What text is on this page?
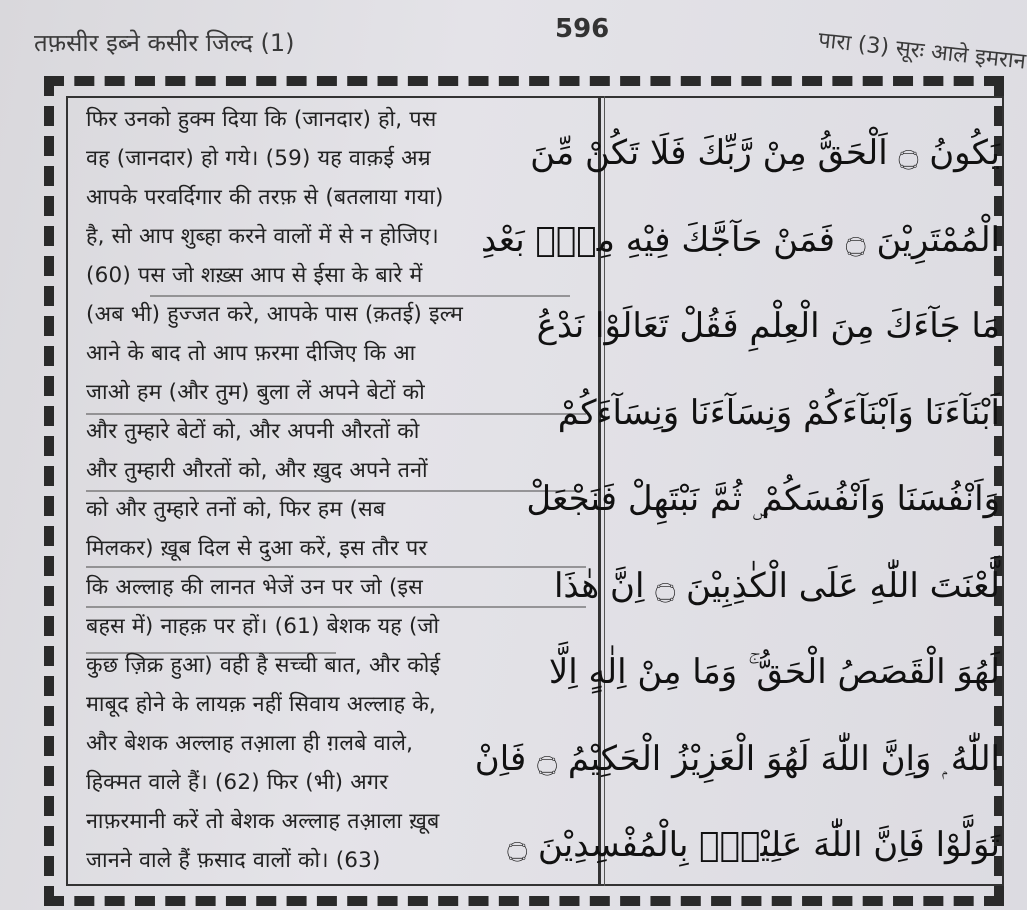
तफ़सीर इब्ने कसीर जिल्द (1)	596	पारा (3) सूरः आले इमरान
फिर उनको हुक्म दिया कि (जानदार) हो, पस
वह (जानदार) हो गये। (59) यह वाक़ई अम्र
आपके परवर्दिगार की तरफ़ से (बतलाया गया)
है, सो आप शुब्हा करने वालों में से न होजिए।
(60) पस जो शख़्स आप से ईसा के बारे में
(अब भी) हुज्जत करे, आपके पास (क़तई) इल्म
आने के बाद तो आप फ़रमा दीजिए कि आ
जाओ हम (और तुम) बुला लें अपने बेटों को
और तुम्हारे बेटों को, और अपनी औरतों को
और तुम्हारी औरतों को, और ख़ुद अपने तनों
को और तुम्हारे तनों को, फिर हम (सब
मिलकर) ख़ूब दिल से दुआ करें, इस तौर पर
कि अल्लाह की लानत भेजें उन पर जो (इस
बहस में) नाहक़ पर हों। (61) बेशक यह (जो
कुछ ज़िक्र हुआ) वही है सच्ची बात, और कोई
माबूद होने के लायक़ नहीं सिवाय अल्लाह के,
और बेशक अल्लाह तआ़ला ही ग़लबे वाले,
हिक्मत वाले हैं। (62) फिर (भी) अगर
नाफ़रमानी करें तो बेशक अल्लाह तआ़ला ख़ूब
जानने वाले हैं फ़साद वालों को। (63)
يَكُونُ ۝ اَلْحَقُّ مِنْ رَّبِّكَ فَلَا تَكُنْ مِّنَ
الْمُمْتَرِيْنَ ۝ فَمَنْ حَآجَّكَ فِيْهِ مِنْۢ بَعْدِ
مَا جَآءَكَ مِنَ الْعِلْمِ فَقُلْ تَعَالَوْا نَدْعُ
اَبْنَآءَنَا وَاَبْنَآءَكُمْ وَنِسَآءَنَا وَنِسَآءَكُمْ
وَاَنْفُسَنَا وَاَنْفُسَكُمْ ۣ ثُمَّ نَبْتَهِلْ فَنَجْعَلْ
لَّعْنَتَ اللّٰهِ عَلَى الْكٰذِبِيْنَ ۝ اِنَّ هٰذَا
لَهُوَ الْقَصَصُ الْحَقُّ ۚ وَمَا مِنْ اِلٰهٍ اِلَّا
اللّٰهُ ۭ وَاِنَّ اللّٰهَ لَهُوَ الْعَزِيْزُ الْحَكِيْمُ ۝ فَاِنْ
تَوَلَّوْا فَاِنَّ اللّٰهَ عَلِيْمٌۢ بِالْمُفْسِدِيْنَ ۝
